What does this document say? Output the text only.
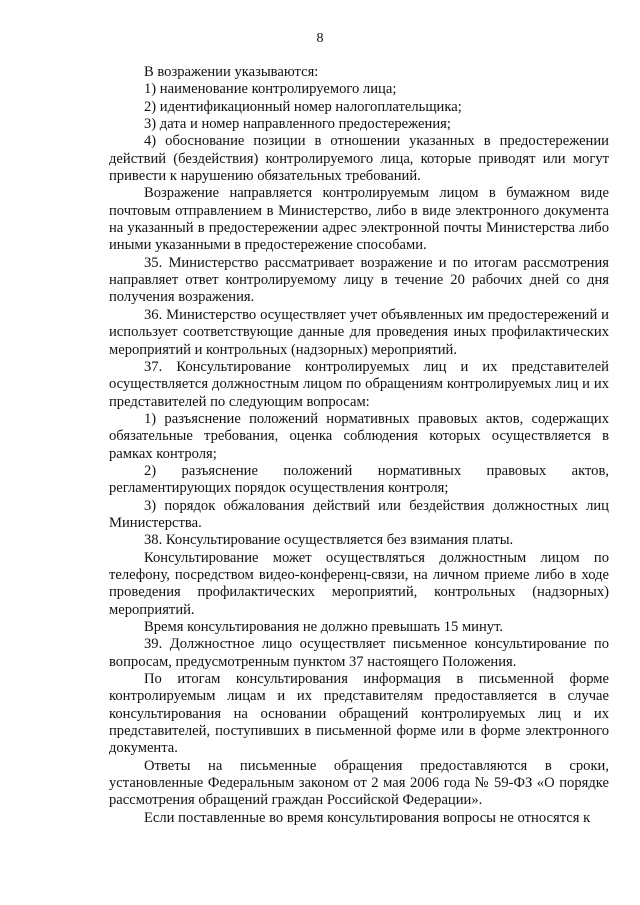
8

В возражении указываются:

1) наименование контролируемого лица;

2) идентификационный номер налогоплательщика;

3) дата и номер направленного предостережения;

4) обоснование позиции в отношении указанных в предостережении действий (бездействия) контролируемого лица, которые приводят или могут привести к нарушению обязательных требований.

Возражение направляется контролируемым лицом в бумажном виде почтовым отправлением в Министерство, либо в виде электронного документа на указанный в предостережении адрес электронной почты Министерства либо иными указанными в предостережение способами.

35. Министерство рассматривает возражение и по итогам рассмотрения направляет ответ контролируемому лицу в течение 20 рабочих дней со дня получения возражения.

36. Министерство осуществляет учет объявленных им предостережений и использует соответствующие данные для проведения иных профилактических мероприятий и контрольных (надзорных) мероприятий.

37. Консультирование контролируемых лиц и их представителей осуществляется должностным лицом по обращениям контролируемых лиц и их представителей по следующим вопросам:

1) разъяснение положений нормативных правовых актов, содержащих обязательные требования, оценка соблюдения которых осуществляется в рамках контроля;

2) разъяснение положений нормативных правовых актов, регламентирующих порядок осуществления контроля;

3) порядок обжалования действий или бездействия должностных лиц Министерства.

38. Консультирование осуществляется без взимания платы.

Консультирование может осуществляться должностным лицом по телефону, посредством видео-конференц-связи, на личном приеме либо в ходе проведения профилактических мероприятий, контрольных (надзорных) мероприятий.

Время консультирования не должно превышать 15 минут.

39. Должностное лицо осуществляет письменное консультирование по вопросам, предусмотренным пунктом 37 настоящего Положения.

По итогам консультирования информация в письменной форме контролируемым лицам и их представителям предоставляется в случае консультирования на основании обращений контролируемых лиц и их представителей, поступивших в письменной форме или в форме электронного документа.

Ответы на письменные обращения предоставляются в сроки, установленные Федеральным законом от 2 мая 2006 года № 59-ФЗ «О порядке рассмотрения обращений граждан Российской Федерации».

Если поставленные во время консультирования вопросы не относятся к
